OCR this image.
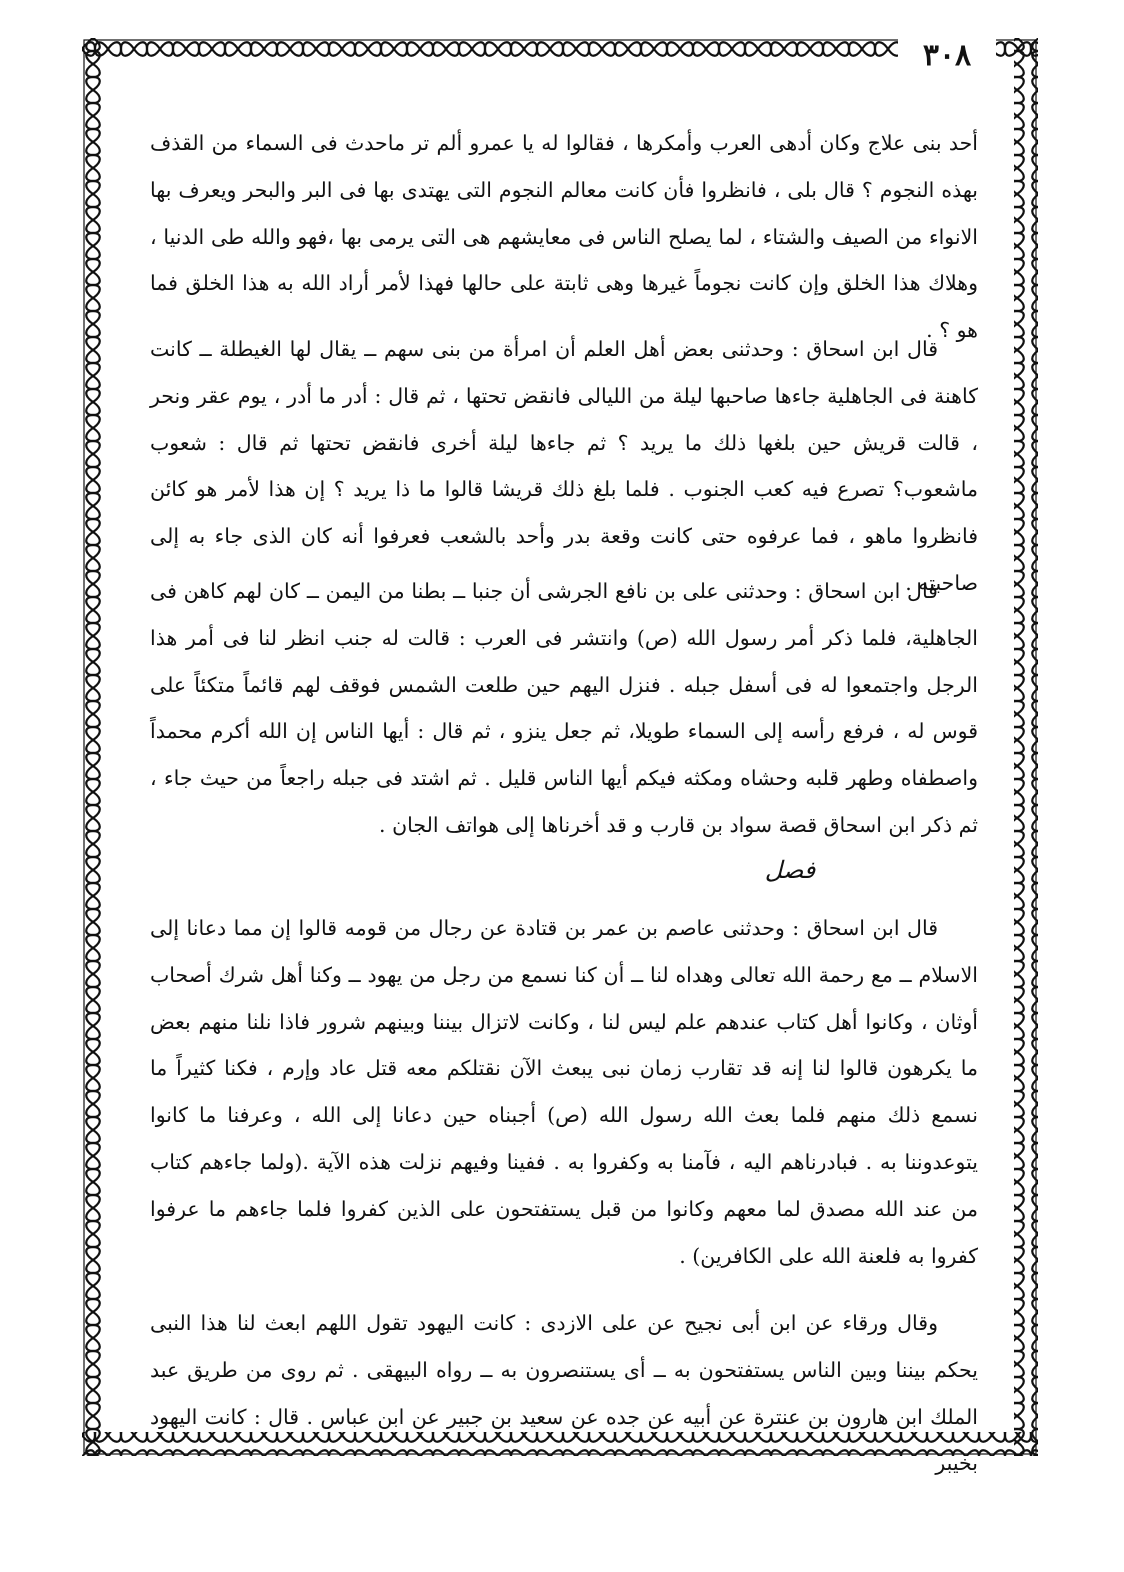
٣٠٨

أحد بنى علاج وكان أدهى العرب وأمكرها ، فقالوا له يا عمرو ألم تر ماحدث فى السماء من القذف بهذه النجوم ؟ قال بلى ، فانظروا فأن كانت معالم النجوم التى يهتدى بها فى البر والبحر ويعرف بها الانواء من الصيف والشتاء ، لما يصلح الناس فى معايشهم هى التى يرمى بها ،فهو والله طى الدنيا ، وهلاك هذا الخلق وإن كانت نجوماً غيرها وهى ثابتة على حالها فهذا لأمر أراد الله به هذا الخلق فما هو ؟ .

قال ابن اسحاق : وحدثنى بعض أهل العلم أن امرأة من بنى سهم ــ يقال لها الغيطلة ــ كانت كاهنة فى الجاهلية جاءها صاحبها ليلة من الليالى فانقض تحتها ، ثم قال : أدر ما أدر ، يوم عقر ونحر ، قالت قريش حين بلغها ذلك ما يريد ؟ ثم جاءها ليلة أخرى فانقض تحتها ثم قال : شعوب ماشعوب؟ تصرع فيه كعب الجنوب . فلما بلغ ذلك قريشا قالوا ما ذا يريد ؟ إن هذا لأمر هو كائن فانظروا ماهو ، فما عرفوه حتى كانت وقعة بدر وأحد بالشعب فعرفوا أنه كان الذى جاء به إلى صاحبته .

قال ابن اسحاق : وحدثنى على بن نافع الجرشى أن جنبا ــ بطنا من اليمن ــ كان لهم كاهن فى الجاهلية، فلما ذكر أمر رسول الله (ص) وانتشر فى العرب : قالت له جنب انظر لنا فى أمر هذا الرجل واجتمعوا له فى أسفل جبله . فنزل اليهم حين طلعت الشمس فوقف لهم قائماً متكئاً على قوس له ، فرفع رأسه إلى السماء طويلا، ثم جعل ينزو ، ثم قال : أيها الناس إن الله أكرم محمداً واصطفاه وطهر قلبه وحشاه ومكثه فيكم أيها الناس قليل . ثم اشتد فى جبله راجعاً من حيث جاء ، ثم ذكر ابن اسحاق قصة سواد بن قارب و قد أخرناها إلى هواتف الجان .

قال ابن اسحاق : وحدثنى عاصم بن عمر بن قتادة عن رجال من قومه قالوا إن مما دعانا إلى الاسلام ــ مع رحمة الله تعالى وهداه لنا ــ أن كنا نسمع من رجل من يهود ــ وكنا أهل شرك أصحاب أوثان ، وكانوا أهل كتاب عندهم علم ليس لنا ، وكانت لاتزال بيننا وبينهم شرور فاذا نلنا منهم بعض ما يكرهون قالوا لنا إنه قد تقارب زمان نبى يبعث الآن نقتلكم معه قتل عاد وإرم ، فكنا كثيراً ما نسمع ذلك منهم فلما بعث الله رسول الله (ص) أجبناه حين دعانا إلى الله ، وعرفنا ما كانوا يتوعدوننا به . فبادرناهم اليه ، فآمنا به وكفروا به . ففينا وفيهم نزلت هذه الآية .(ولما جاءهم كتاب من عند الله مصدق لما معهم وكانوا من قبل يستفتحون على الذين كفروا فلما جاءهم ما عرفوا كفروا به فلعنة الله على الكافرين) .

وقال ورقاء عن ابن أبى نجيح عن على الازدى : كانت اليهود تقول اللهم ابعث لنا هذا النبى يحكم بيننا وبين الناس يستفتحون به ــ أى يستنصرون به ــ رواه البيهقى . ثم روى من طريق عبد الملك ابن هارون بن عنترة عن أبيه عن جده عن سعيد بن جبير عن ابن عباس . قال : كانت اليهود بخيبر

فصل
